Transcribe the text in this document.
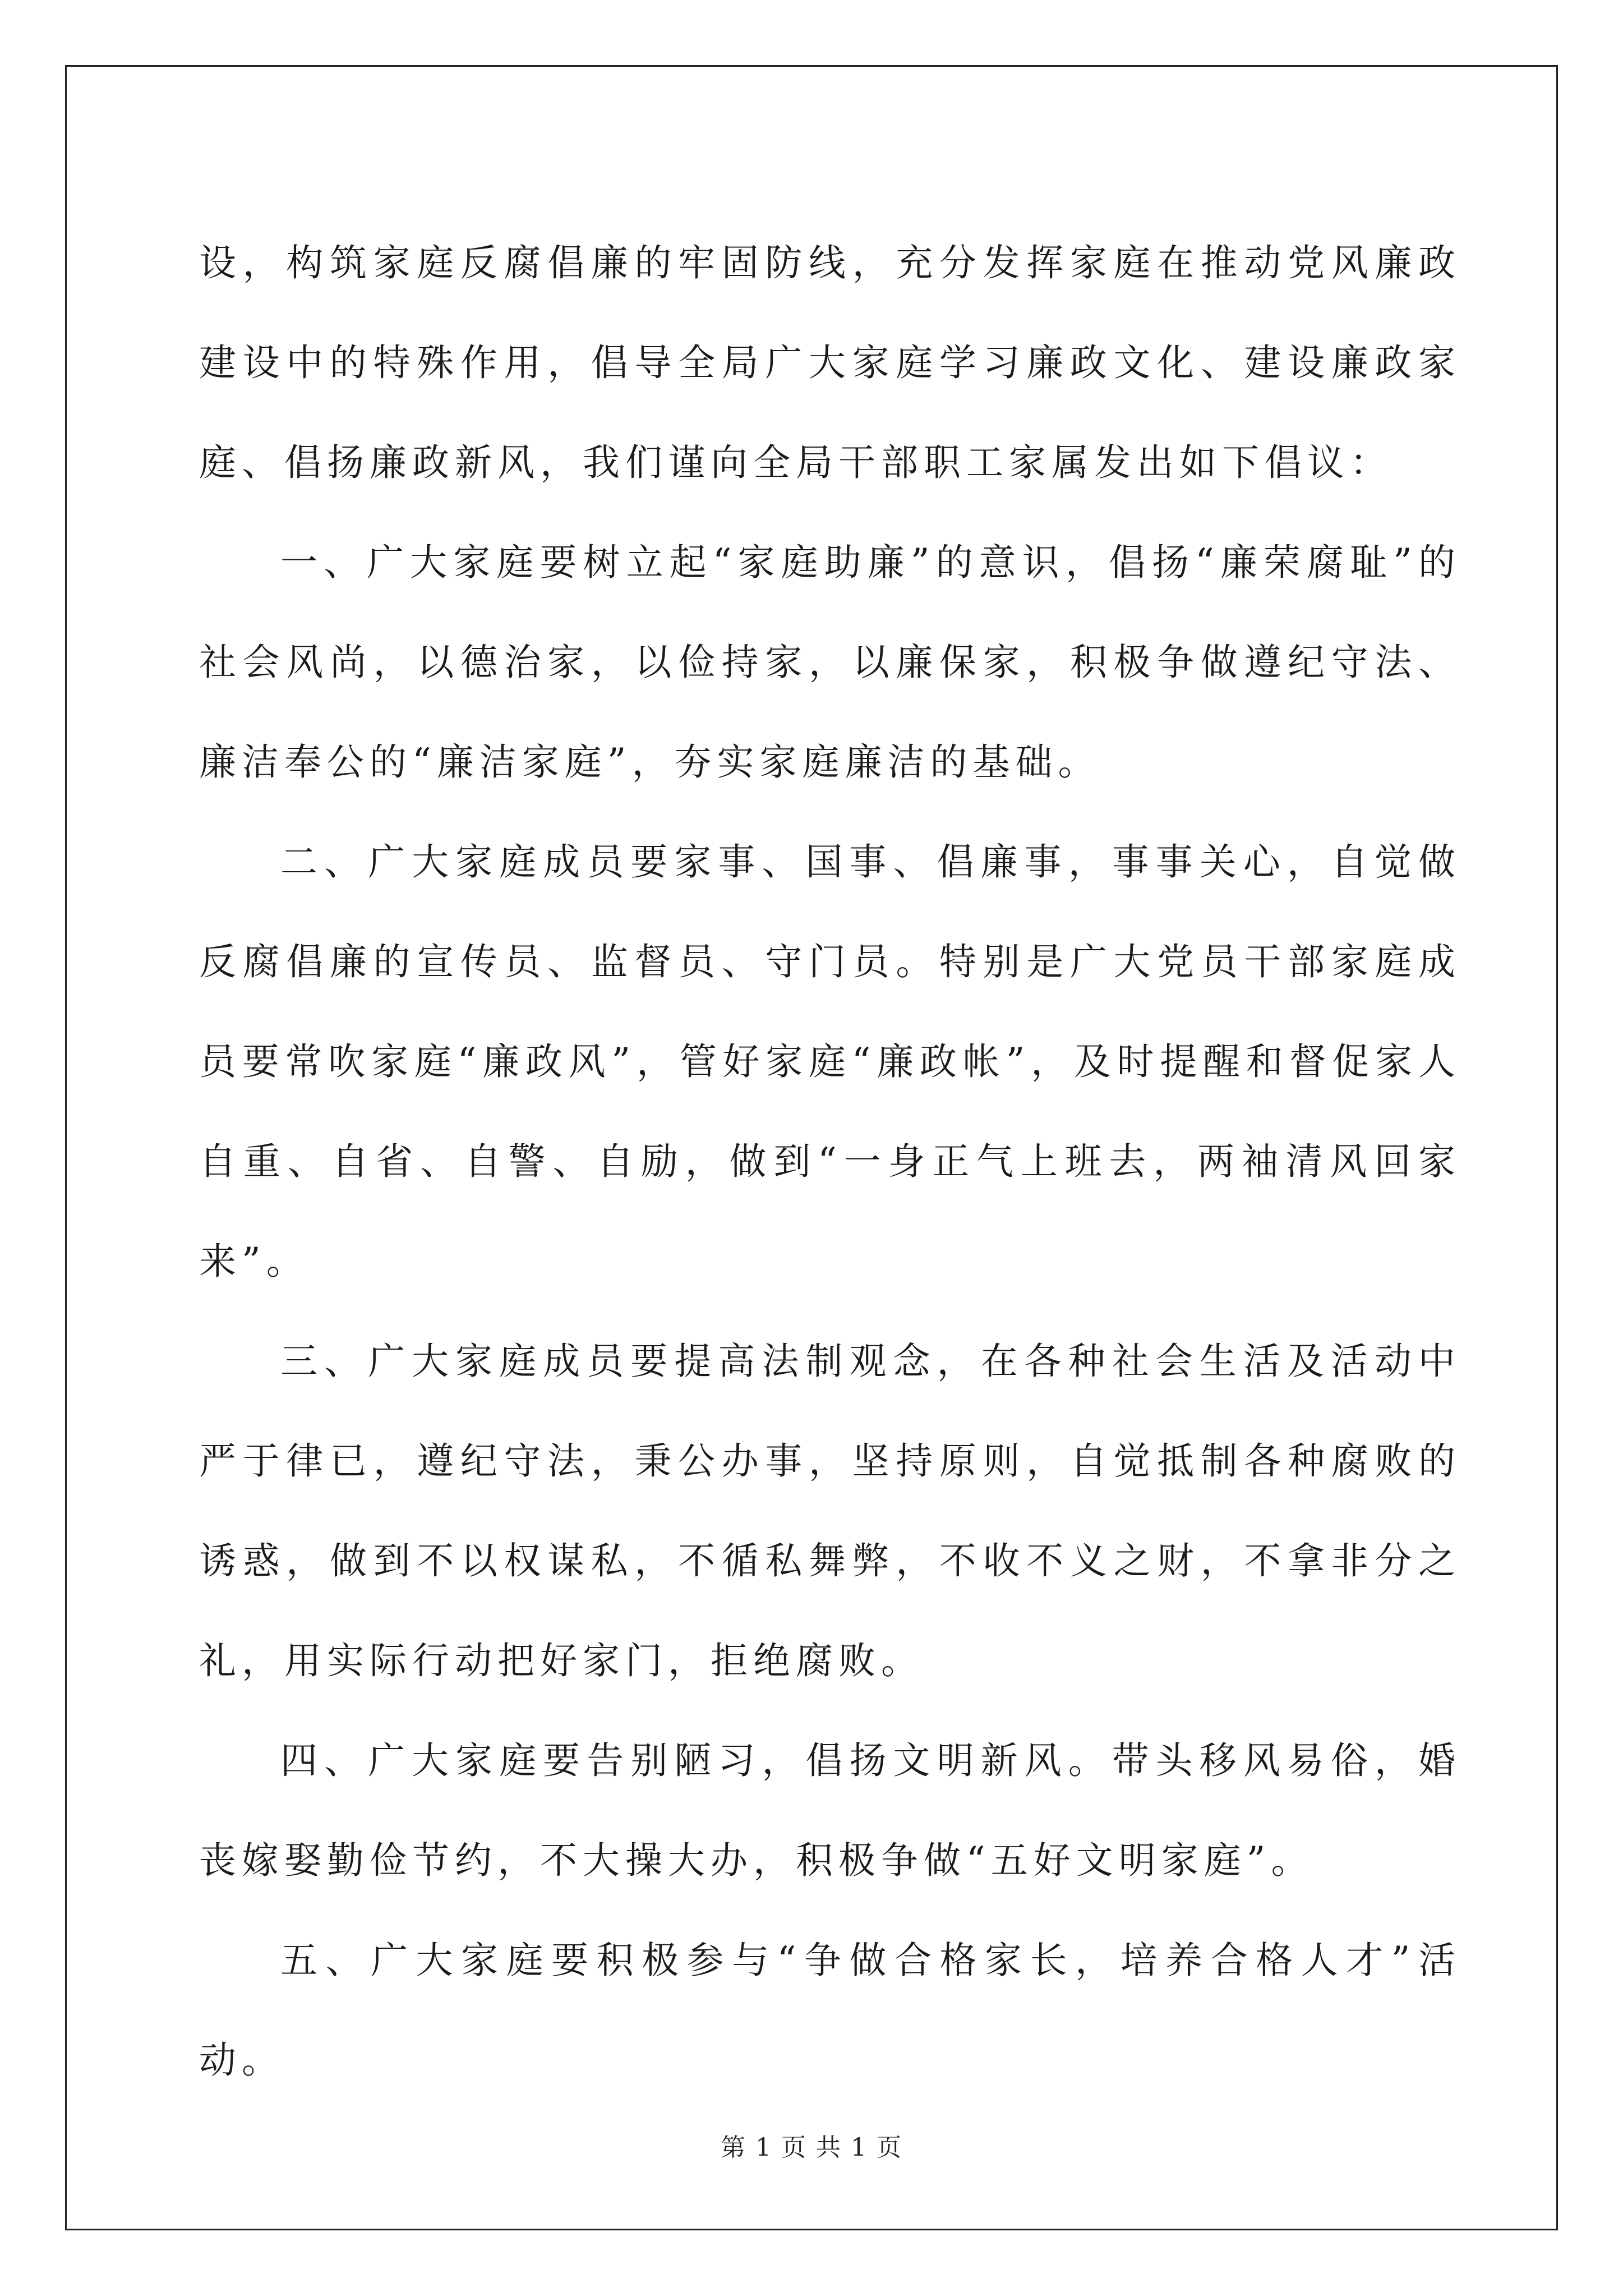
设，构筑家庭反腐倡廉的牢固防线，充分发挥家庭在推动党风廉政建设中的特殊作用，倡导全局广大家庭学习廉政文化、建设廉政家庭、倡扬廉政新风，我们谨向全局干部职工家属发出如下倡议：

一、广大家庭要树立起“家庭助廉”的意识，倡扬“廉荣腐耻”的社会风尚，以德治家，以俭持家，以廉保家，积极争做遵纪守法、廉洁奉公的“廉洁家庭”，夯实家庭廉洁的基础。

二、广大家庭成员要家事、国事、倡廉事，事事关心，自觉做反腐倡廉的宣传员、监督员、守门员。特别是广大党员干部家庭成员要常吹家庭“廉政风”，管好家庭“廉政帐”，及时提醒和督促家人自重、自省、自警、自励，做到“一身正气上班去，两袖清风回家来”。

三、广大家庭成员要提高法制观念，在各种社会生活及活动中严于律已，遵纪守法，秉公办事，坚持原则，自觉抵制各种腐败的诱惑，做到不以权谋私，不循私舞弊，不收不义之财，不拿非分之礼，用实际行动把好家门，拒绝腐败。

四、广大家庭要告别陋习，倡扬文明新风。带头移风易俗，婚丧嫁娶勤俭节约，不大操大办，积极争做“五好文明家庭”。

五、广大家庭要积极参与“争做合格家长，培养合格人才”活动。

第 1 页 共 1 页
